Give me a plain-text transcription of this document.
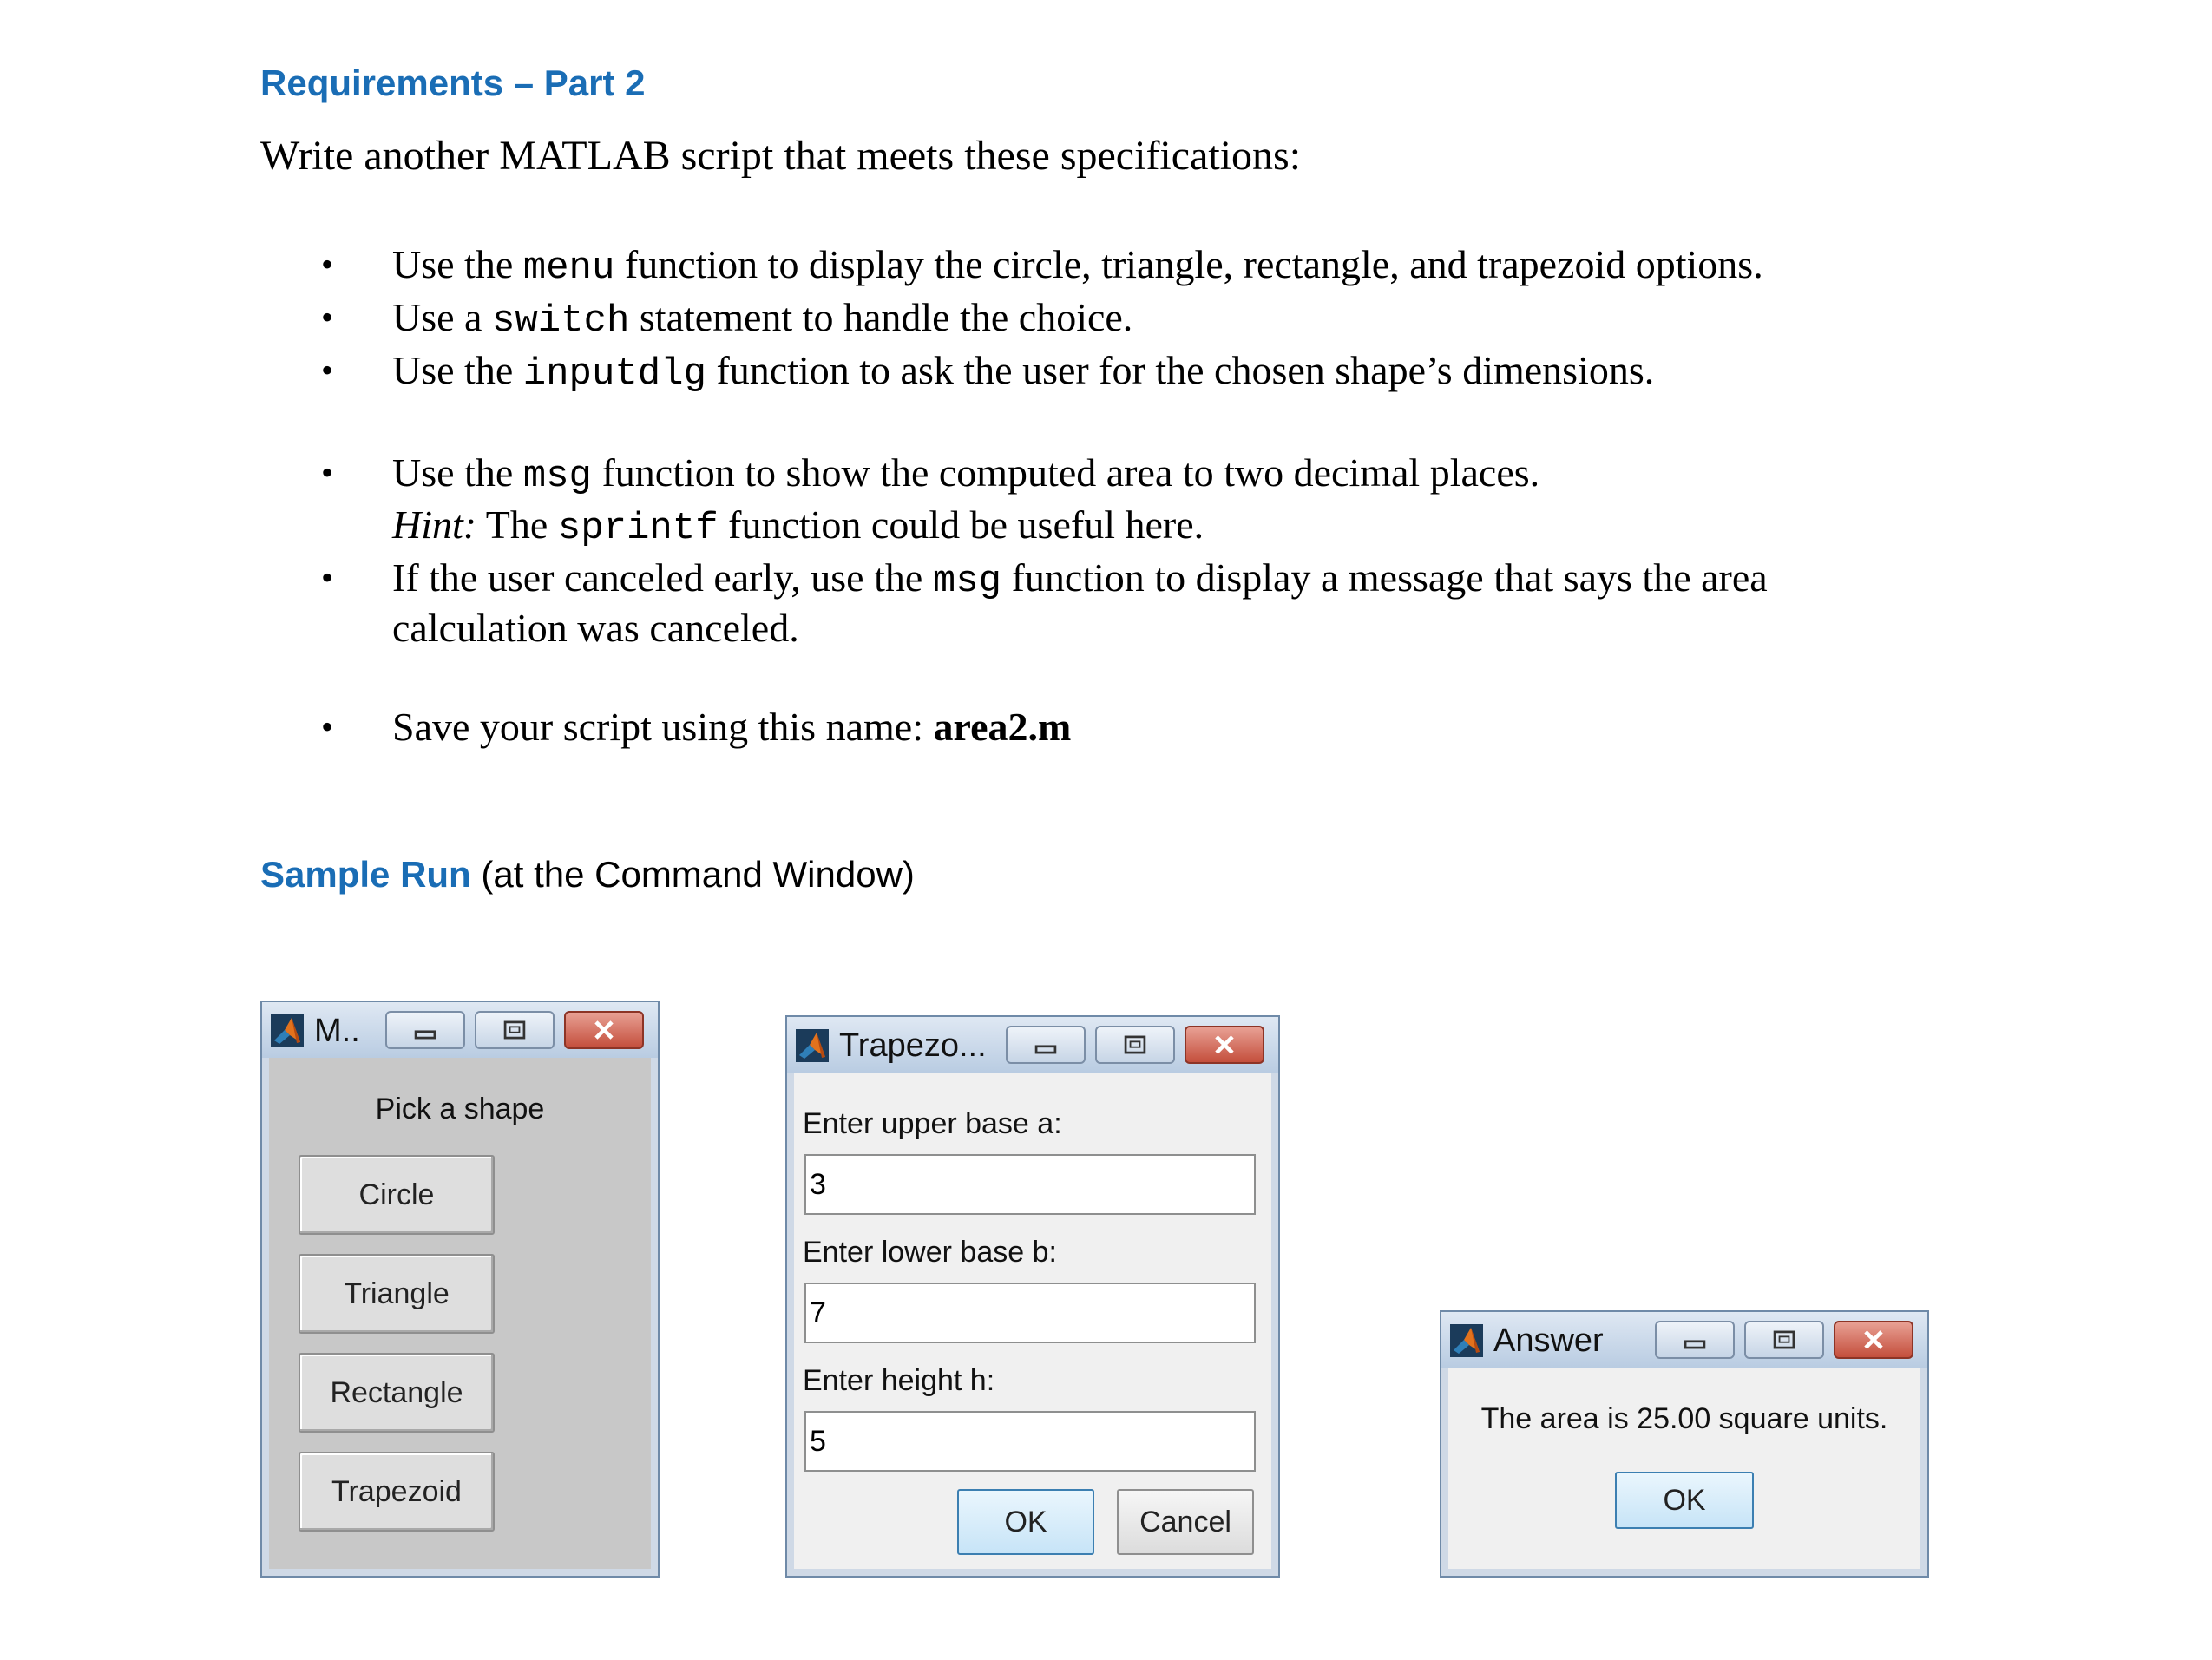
Requirements – Part 2
Write another MATLAB script that meets these specifications:
• Use the menu function to display the circle, triangle, rectangle, and trapezoid options.
• Use a switch statement to handle the choice.
• Use the inputdlg function to ask the user for the chosen shape’s dimensions.
• Use the msg function to show the computed area to two decimal places.
Hint: The sprintf function could be useful here.
• If the user canceled early, use the msg function to display a message that says the area
calculation was canceled.
• Save your script using this name: area2.m
Sample Run (at the Command Window)
M..
Pick a shape
Circle
Triangle
Rectangle
Trapezoid
Trapezo...
Enter upper base a:
3
Enter lower base b:
7
Enter height h:
5
OK	Cancel
Answer
The area is 25.00 square units.
OK
